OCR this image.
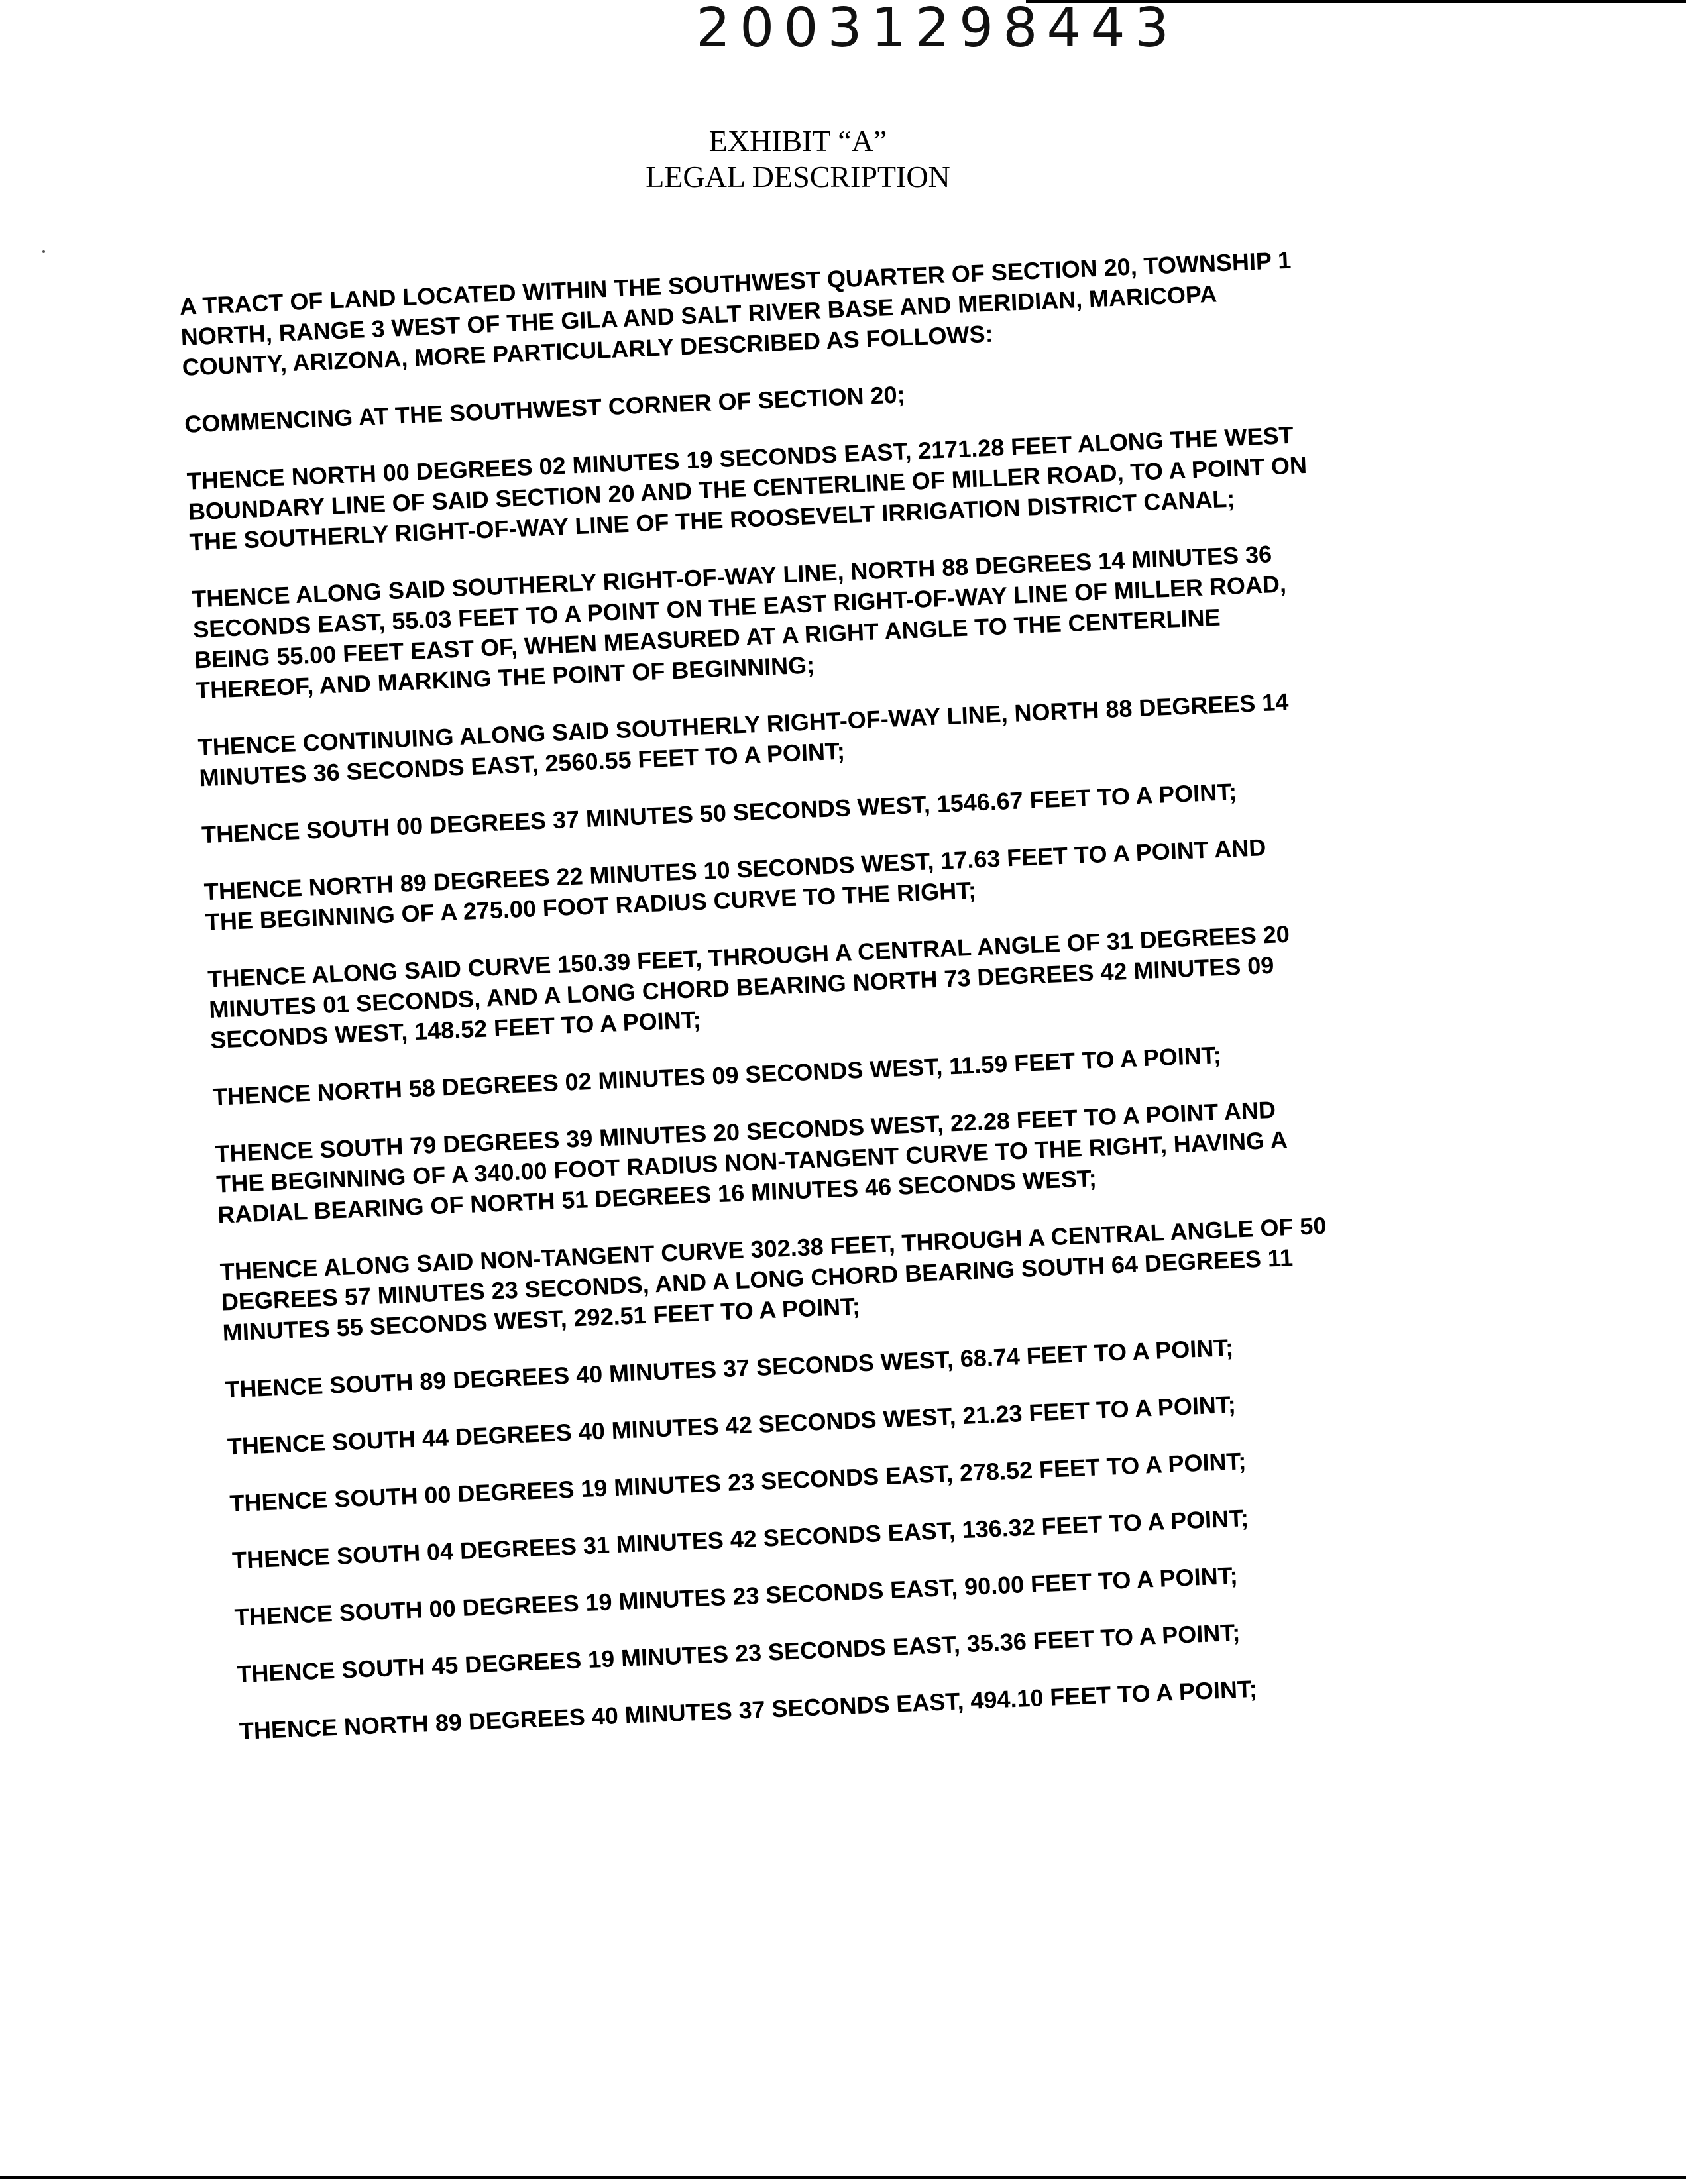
20031298443
EXHIBIT “A”
LEGAL DESCRIPTION

A TRACT OF LAND LOCATED WITHIN THE SOUTHWEST QUARTER OF SECTION 20, TOWNSHIP 1
NORTH, RANGE 3 WEST OF THE GILA AND SALT RIVER BASE AND MERIDIAN, MARICOPA
COUNTY, ARIZONA, MORE PARTICULARLY DESCRIBED AS FOLLOWS:

COMMENCING AT THE SOUTHWEST CORNER OF SECTION 20;

THENCE NORTH 00 DEGREES 02 MINUTES 19 SECONDS EAST, 2171.28 FEET ALONG THE WEST
BOUNDARY LINE OF SAID SECTION 20 AND THE CENTERLINE OF MILLER ROAD, TO A POINT ON
THE SOUTHERLY RIGHT-OF-WAY LINE OF THE ROOSEVELT IRRIGATION DISTRICT CANAL;

THENCE ALONG SAID SOUTHERLY RIGHT-OF-WAY LINE, NORTH 88 DEGREES 14 MINUTES 36
SECONDS EAST, 55.03 FEET TO A POINT ON THE EAST RIGHT-OF-WAY LINE OF MILLER ROAD,
BEING 55.00 FEET EAST OF, WHEN MEASURED AT A RIGHT ANGLE TO THE CENTERLINE
THEREOF, AND MARKING THE POINT OF BEGINNING;

THENCE CONTINUING ALONG SAID SOUTHERLY RIGHT-OF-WAY LINE, NORTH 88 DEGREES 14
MINUTES 36 SECONDS EAST, 2560.55 FEET TO A POINT;

THENCE SOUTH 00 DEGREES 37 MINUTES 50 SECONDS WEST, 1546.67 FEET TO A POINT;

THENCE NORTH 89 DEGREES 22 MINUTES 10 SECONDS WEST, 17.63 FEET TO A POINT AND
THE BEGINNING OF A 275.00 FOOT RADIUS CURVE TO THE RIGHT;

THENCE ALONG SAID CURVE 150.39 FEET, THROUGH A CENTRAL ANGLE OF 31 DEGREES 20
MINUTES 01 SECONDS, AND A LONG CHORD BEARING NORTH 73 DEGREES 42 MINUTES 09
SECONDS WEST, 148.52 FEET TO A POINT;

THENCE NORTH 58 DEGREES 02 MINUTES 09 SECONDS WEST, 11.59 FEET TO A POINT;

THENCE SOUTH 79 DEGREES 39 MINUTES 20 SECONDS WEST, 22.28 FEET TO A POINT AND
THE BEGINNING OF A 340.00 FOOT RADIUS NON-TANGENT CURVE TO THE RIGHT, HAVING A
RADIAL BEARING OF NORTH 51 DEGREES 16 MINUTES 46 SECONDS WEST;

THENCE ALONG SAID NON-TANGENT CURVE 302.38 FEET, THROUGH A CENTRAL ANGLE OF 50
DEGREES 57 MINUTES 23 SECONDS, AND A LONG CHORD BEARING SOUTH 64 DEGREES 11
MINUTES 55 SECONDS WEST, 292.51 FEET TO A POINT;

THENCE SOUTH 89 DEGREES 40 MINUTES 37 SECONDS WEST, 68.74 FEET TO A POINT;

THENCE SOUTH 44 DEGREES 40 MINUTES 42 SECONDS WEST, 21.23 FEET TO A POINT;

THENCE SOUTH 00 DEGREES 19 MINUTES 23 SECONDS EAST, 278.52 FEET TO A POINT;

THENCE SOUTH 04 DEGREES 31 MINUTES 42 SECONDS EAST, 136.32 FEET TO A POINT;

THENCE SOUTH 00 DEGREES 19 MINUTES 23 SECONDS EAST, 90.00 FEET TO A POINT;

THENCE SOUTH 45 DEGREES 19 MINUTES 23 SECONDS EAST, 35.36 FEET TO A POINT;

THENCE NORTH 89 DEGREES 40 MINUTES 37 SECONDS EAST, 494.10 FEET TO A POINT;
